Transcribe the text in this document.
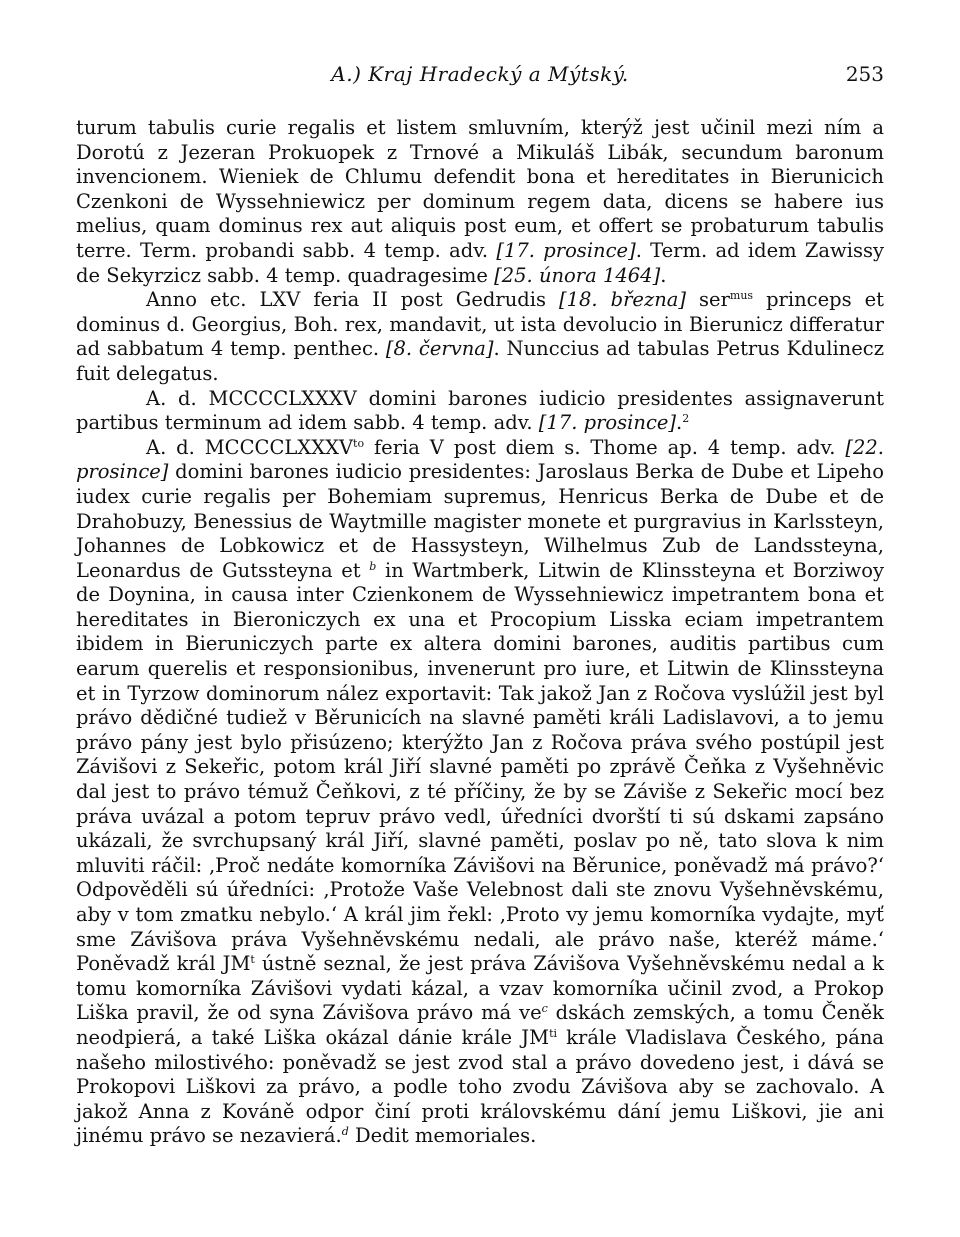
A.) Kraj Hradecký a Mýtský.	253

turum tabulis curie regalis et listem smluvním, kterýž jest učinil mezi ním a Dorotú z Jezeran Prokuopek z Trnové a Mikuláš Libák, secundum baronum invencionem. Wieniek de Chlumu defendit bona et hereditates in Bierunicich Czenkoni de Wyssehniewicz per dominum regem data, dicens se habere ius melius, quam dominus rex aut aliquis post eum, et offert se probaturum tabulis terre. Term. probandi sabb. 4 temp. adv. [17. prosince]. Term. ad idem Zawissy de Sekyrzicz sabb. 4 temp. quadragesime [25. února 1464].

Anno etc. LXV feria II post Gedrudis [18. března] ser$^{mus}$ princeps et dominus d. Georgius, Boh. rex, mandavit, ut ista devolucio in Bierunicz differatur ad sabbatum 4 temp. penthec. [8. června]. Nunccius ad tabulas Petrus Kdulinecz fuit delegatus.

A. d. MCCCCLXXXV domini barones iudicio presidentes assignaverunt partibus terminum ad idem sabb. 4 temp. adv. [17. prosince].$^2$

A. d. $MCCCCLXXXV^{to}$ feria V post diem s. Thome ap. 4 temp. adv. [22. prosince] domini barones iudicio presidentes: Jaroslaus Berka de Dube et Lipeho iudex curie regalis per Bohemiam supremus, Henricus Berka de Dube et de Drahobuzy, Benessius de Waytmille magister monete et purgravius in Karlssteyn, Johannes de Lobkowicz et de Hassysteyn, Wilhelmus Zub de Landssteyna, Leonardus de Gutssteyna et $^b$ in Wartmberk, Litwin de Klinssteyna et Borziwoy de Doynina, in causa inter Czienkonem de Wyssehniewicz impetrantem bona et hereditates in Bieroniczych ex una et Procopium Lisska eciam impetrantem ibidem in Bieruniczych parte ex altera domini barones, auditis partibus cum earum querelis et responsionibus, invenerunt pro iure, et Litwin de Klinssteyna et in Tyrzow dominorum nález exportavit: Tak jakož Jan z Ročova vyslúžil jest byl právo dědičné tudiež v Běrunicích na slavné paměti králi Ladislavovi, a to jemu právo pány jest bylo přisúzeno; kterýžto Jan z Ročova práva svého postúpil jest Závišovi z Sekeřic, potom král Jiří slavné paměti po zprávě Čeňka z Vyšehněvic dal jest to právo témuž Čeňkovi, z té příčiny, že by se Záviše z Sekeřic mocí bez práva uvázal a potom tepruv právo vedl, úředníci dvorští ti sú dskami zapsáno ukázali, že svrchupsaný král Jiří, slavné paměti, poslav po ně, tato slova k nim mluviti ráčil: ‚Proč nedáte komorníka Závišovi na Běrunice, poněvadž má právo?‘ Odpověděli sú úředníci: ‚Protože Vaše Velebnost dali ste znovu Vyšehněvskému, aby v tom zmatku nebylo.‘ A král jim řekl: ‚Proto vy jemu komorníka vydajte, myť sme Závišova práva Vyšehněvskému nedali, ale právo naše, kteréž máme.‘ Poněvadž král $JM^t$ ústně seznal, že jest práva Závišova Vyšehněvskému nedal a k tomu komorníka Závišovi vydati kázal, a vzav komorníka učinil zvod, a Prokop Liška pravil, že od syna Závišova právo má $ve^c$ dskách zemských, a tomu Čeněk neodpierá, a také Liška okázal dánie krále $JM^{ti}$ krále Vladislava Českého, pána našeho milostivého: poněvadž se jest zvod stal a právo dovedeno jest, i dává se Prokopovi Liškovi za právo, a podle toho zvodu Závišova aby se zachovalo. A jakož Anna z Kováně odpor činí proti královskému dání jemu Liškovi, jie ani jinému právo se nezavierá.$^d$ Dedit memoriales.
